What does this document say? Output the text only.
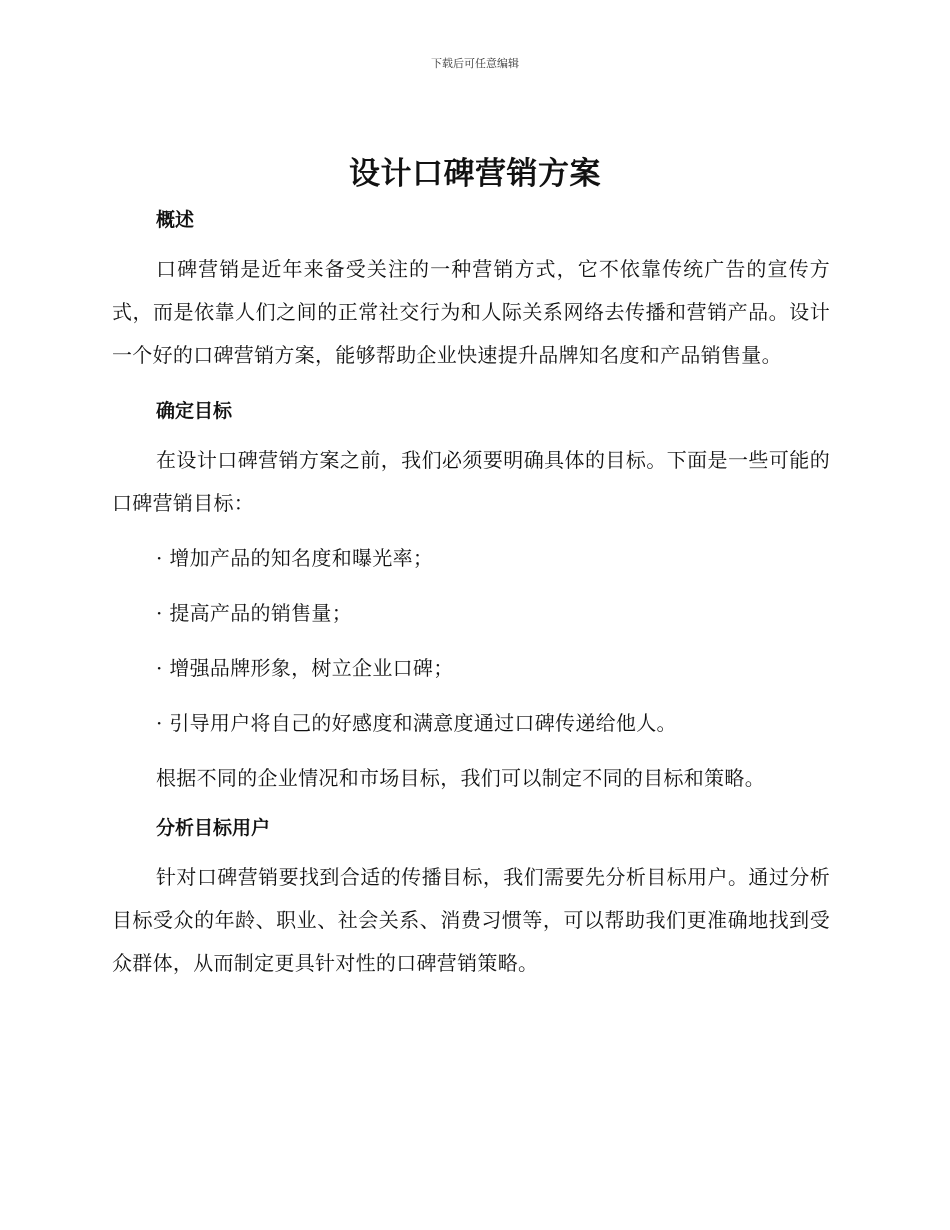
下载后可任意编辑
设计口碑营销方案

概述

口碑营销是近年来备受关注的一种营销方式，它不依靠传统广告的宣传方式，而是依靠人们之间的正常社交行为和人际关系网络去传播和营销产品。设计一个好的口碑营销方案，能够帮助企业快速提升品牌知名度和产品销售量。

确定目标

在设计口碑营销方案之前，我们必须要明确具体的目标。下面是一些可能的口碑营销目标：

· 增加产品的知名度和曝光率；

· 提高产品的销售量；

· 增强品牌形象，树立企业口碑；

· 引导用户将自己的好感度和满意度通过口碑传递给他人。

根据不同的企业情况和市场目标，我们可以制定不同的目标和策略。

分析目标用户

针对口碑营销要找到合适的传播目标，我们需要先分析目标用户。通过分析目标受众的年龄、职业、社会关系、消费习惯等，可以帮助我们更准确地找到受众群体，从而制定更具针对性的口碑营销策略。
